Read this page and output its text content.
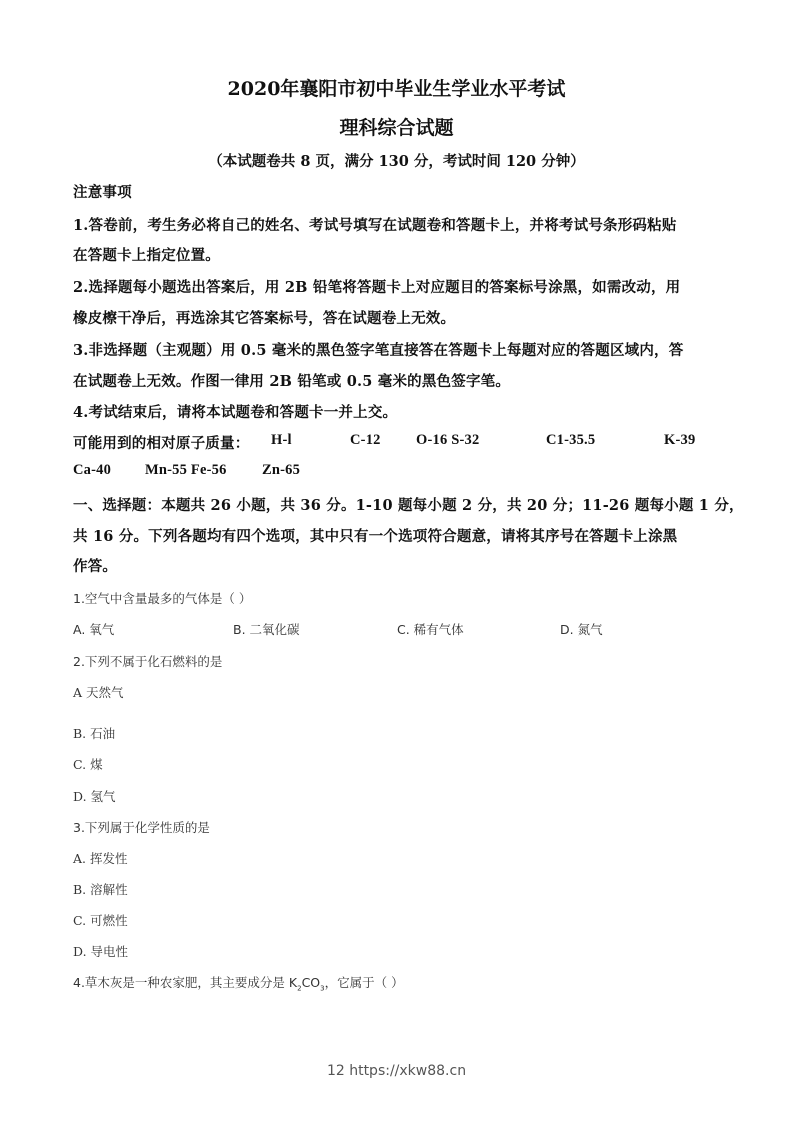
2020年襄阳市初中毕业生学业水平考试
理科综合试题
（本试题卷共 8 页，满分 130 分，考试时间 120 分钟）
注意事项
1.答卷前，考生务必将自己的姓名、考试号填写在试题卷和答题卡上，并将考试号条形码粘贴
在答题卡上指定位置。
2.选择题每小题选出答案后，用 2B 铅笔将答题卡上对应题目的答案标号涂黑，如需改动，用
橡皮檫干净后，再选涂其它答案标号，答在试题卷上无效。
3.非选择题（主观题）用 0.5 毫米的黑色签字笔直接答在答题卡上每题对应的答题区域内，答
在试题卷上无效。作图一律用 2B 铅笔或 0.5 毫米的黑色签字笔。
4.考试结束后，请将本试题卷和答题卡一并上交。
可能用到的相对原子质量： H-l	C-12 O-16 S-32	C1-35.5	K-39
Ca-40 Mn-55 Fe-56 Zn-65
一、选择题：本题共 26 小题，共 36 分。1-10 题每小题 2 分，共 20 分；11-26 题每小题 1 分，
共 16 分。下列各题均有四个选项，其中只有一个选项符合题意，请将其序号在答题卡上涂黑
作答。
1.空气中含量最多的气体是（ ）
A. 氧气	B. 二氧化碳	C. 稀有气体	D. 氮气
2.下列不属于化石燃料的是
A 天然气
B. 石油
C. 煤
D. 氢气
3.下列属于化学性质的是
A. 挥发性
B. 溶解性
C. 可燃性
D. 导电性
4.草木灰是一种农家肥，其主要成分是 $K_2CO_3$，它属于（ ）
12 https://xkw88.cn
